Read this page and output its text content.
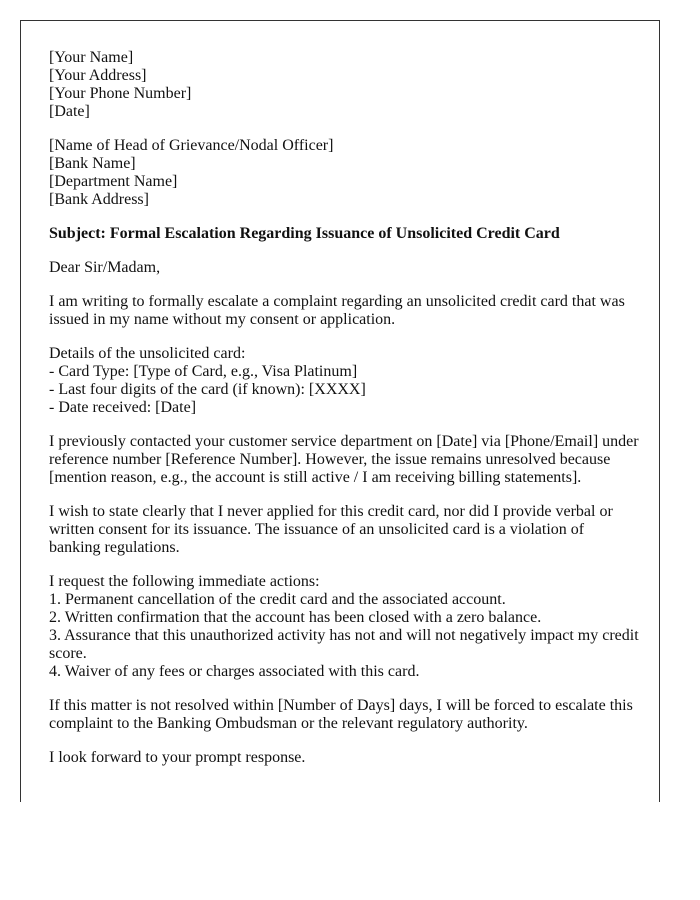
[Your Name]
[Your Address]
[Your Phone Number]
[Date]

[Name of Head of Grievance/Nodal Officer]
[Bank Name]
[Department Name]
[Bank Address]

Subject: Formal Escalation Regarding Issuance of Unsolicited Credit Card

Dear Sir/Madam,

I am writing to formally escalate a complaint regarding an unsolicited credit card that was issued in my name without my consent or application.

Details of the unsolicited card:
- Card Type: [Type of Card, e.g., Visa Platinum]
- Last four digits of the card (if known): [XXXX]
- Date received: [Date]

I previously contacted your customer service department on [Date] via [Phone/Email] under reference number [Reference Number]. However, the issue remains unresolved because [mention reason, e.g., the account is still active / I am receiving billing statements].

I wish to state clearly that I never applied for this credit card, nor did I provide verbal or written consent for its issuance. The issuance of an unsolicited card is a violation of banking regulations.

I request the following immediate actions:
1. Permanent cancellation of the credit card and the associated account.
2. Written confirmation that the account has been closed with a zero balance.
3. Assurance that this unauthorized activity has not and will not negatively impact my credit score.
4. Waiver of any fees or charges associated with this card.

If this matter is not resolved within [Number of Days] days, I will be forced to escalate this complaint to the Banking Ombudsman or the relevant regulatory authority.

I look forward to your prompt response.
